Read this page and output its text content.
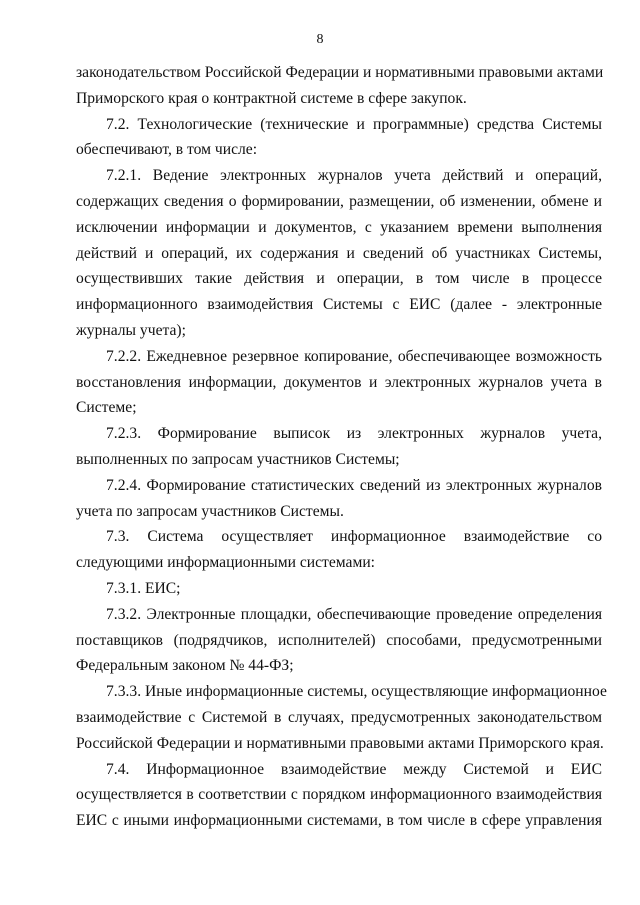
8

законодательством Российской Федерации и нормативными правовыми актами
Приморского края о контрактной системе в сфере закупок.

7.2. Технологические (технические и программные) средства Системы
обеспечивают, в том числе:

7.2.1. Ведение электронных журналов учета действий и операций,
содержащих сведения о формировании, размещении, об изменении, обмене и
исключении информации и документов, с указанием времени выполнения
действий и операций, их содержания и сведений об участниках Системы,
осуществивших такие действия и операции, в том числе в процессе
информационного взаимодействия Системы с ЕИС (далее - электронные
журналы учета);

7.2.2. Ежедневное резервное копирование, обеспечивающее возможность
восстановления информации, документов и электронных журналов учета в
Системе;

7.2.3. Формирование выписок из электронных журналов учета,
выполненных по запросам участников Системы;

7.2.4. Формирование статистических сведений из электронных журналов
учета по запросам участников Системы.

7.3. Система осуществляет информационное взаимодействие со
следующими информационными системами:

7.3.1. ЕИС;

7.3.2. Электронные площадки, обеспечивающие проведение определения
поставщиков (подрядчиков, исполнителей) способами, предусмотренными
Федеральным законом № 44-ФЗ;

7.3.3. Иные информационные системы, осуществляющие информационное
взаимодействие с Системой в случаях, предусмотренных законодательством
Российской Федерации и нормативными правовыми актами Приморского края.

7.4. Информационное взаимодействие между Системой и ЕИС
осуществляется в соответствии с порядком информационного взаимодействия
ЕИС с иными информационными системами, в том числе в сфере управления
